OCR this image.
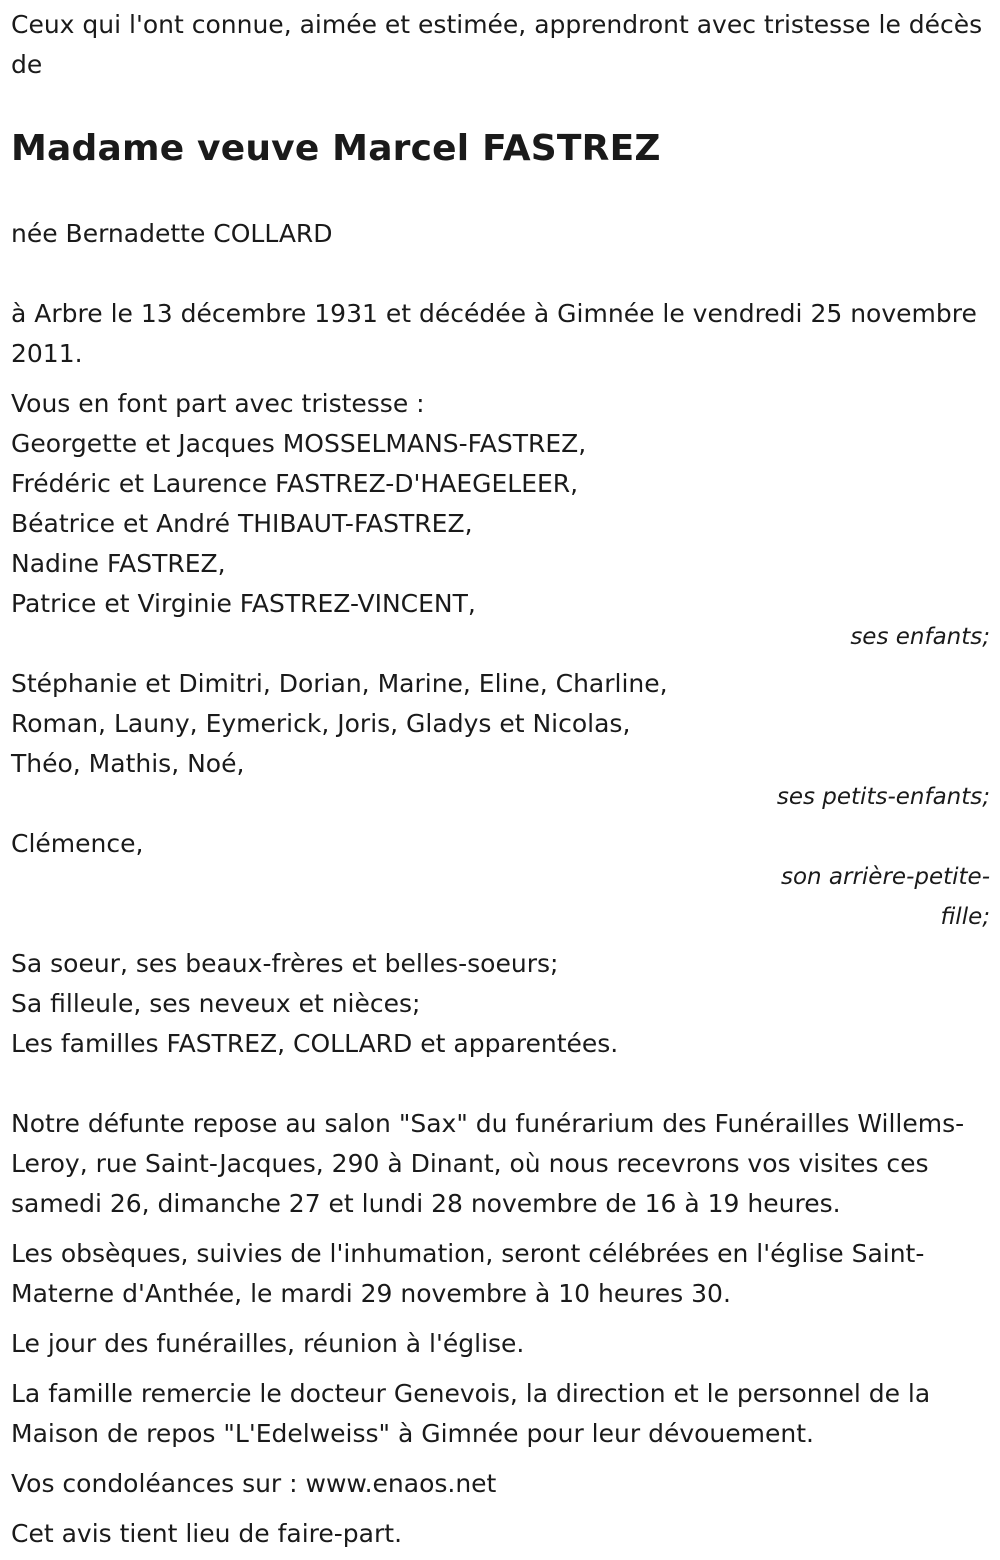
Ceux qui l'ont connue, aimée et estimée, apprendront avec tristesse le décès de

Madame veuve Marcel FASTREZ

née Bernadette COLLARD

à Arbre le 13 décembre 1931 et décédée à Gimnée le vendredi 25 novembre 2011.

Vous en font part avec tristesse :
Georgette et Jacques MOSSELMANS-FASTREZ,
Frédéric et Laurence FASTREZ-D'HAEGELEER,
Béatrice et André THIBAUT-FASTREZ,
Nadine FASTREZ,
Patrice et Virginie FASTREZ-VINCENT,

ses enfants;

Stéphanie et Dimitri, Dorian, Marine, Eline, Charline,
Roman, Launy, Eymerick, Joris, Gladys et Nicolas,
Théo, Mathis, Noé,

ses petits-enfants;

Clémence,

son arrière-petite-fille;

Sa soeur, ses beaux-frères et belles-soeurs;
Sa filleule, ses neveux et nièces;
Les familles FASTREZ, COLLARD et apparentées.

Notre défunte repose au salon "Sax" du funérarium des Funérailles Willems-Leroy, rue Saint-Jacques, 290 à Dinant, où nous recevrons vos visites ces samedi 26, dimanche 27 et lundi 28 novembre de 16 à 19 heures.

Les obsèques, suivies de l'inhumation, seront célébrées en l'église Saint-Materne d'Anthée, le mardi 29 novembre à 10 heures 30.

Le jour des funérailles, réunion à l'église.

La famille remercie le docteur Genevois, la direction et le personnel de la Maison de repos "L'Edelweiss" à Gimnée pour leur dévouement.

Vos condoléances sur : www.enaos.net

Cet avis tient lieu de faire-part.
